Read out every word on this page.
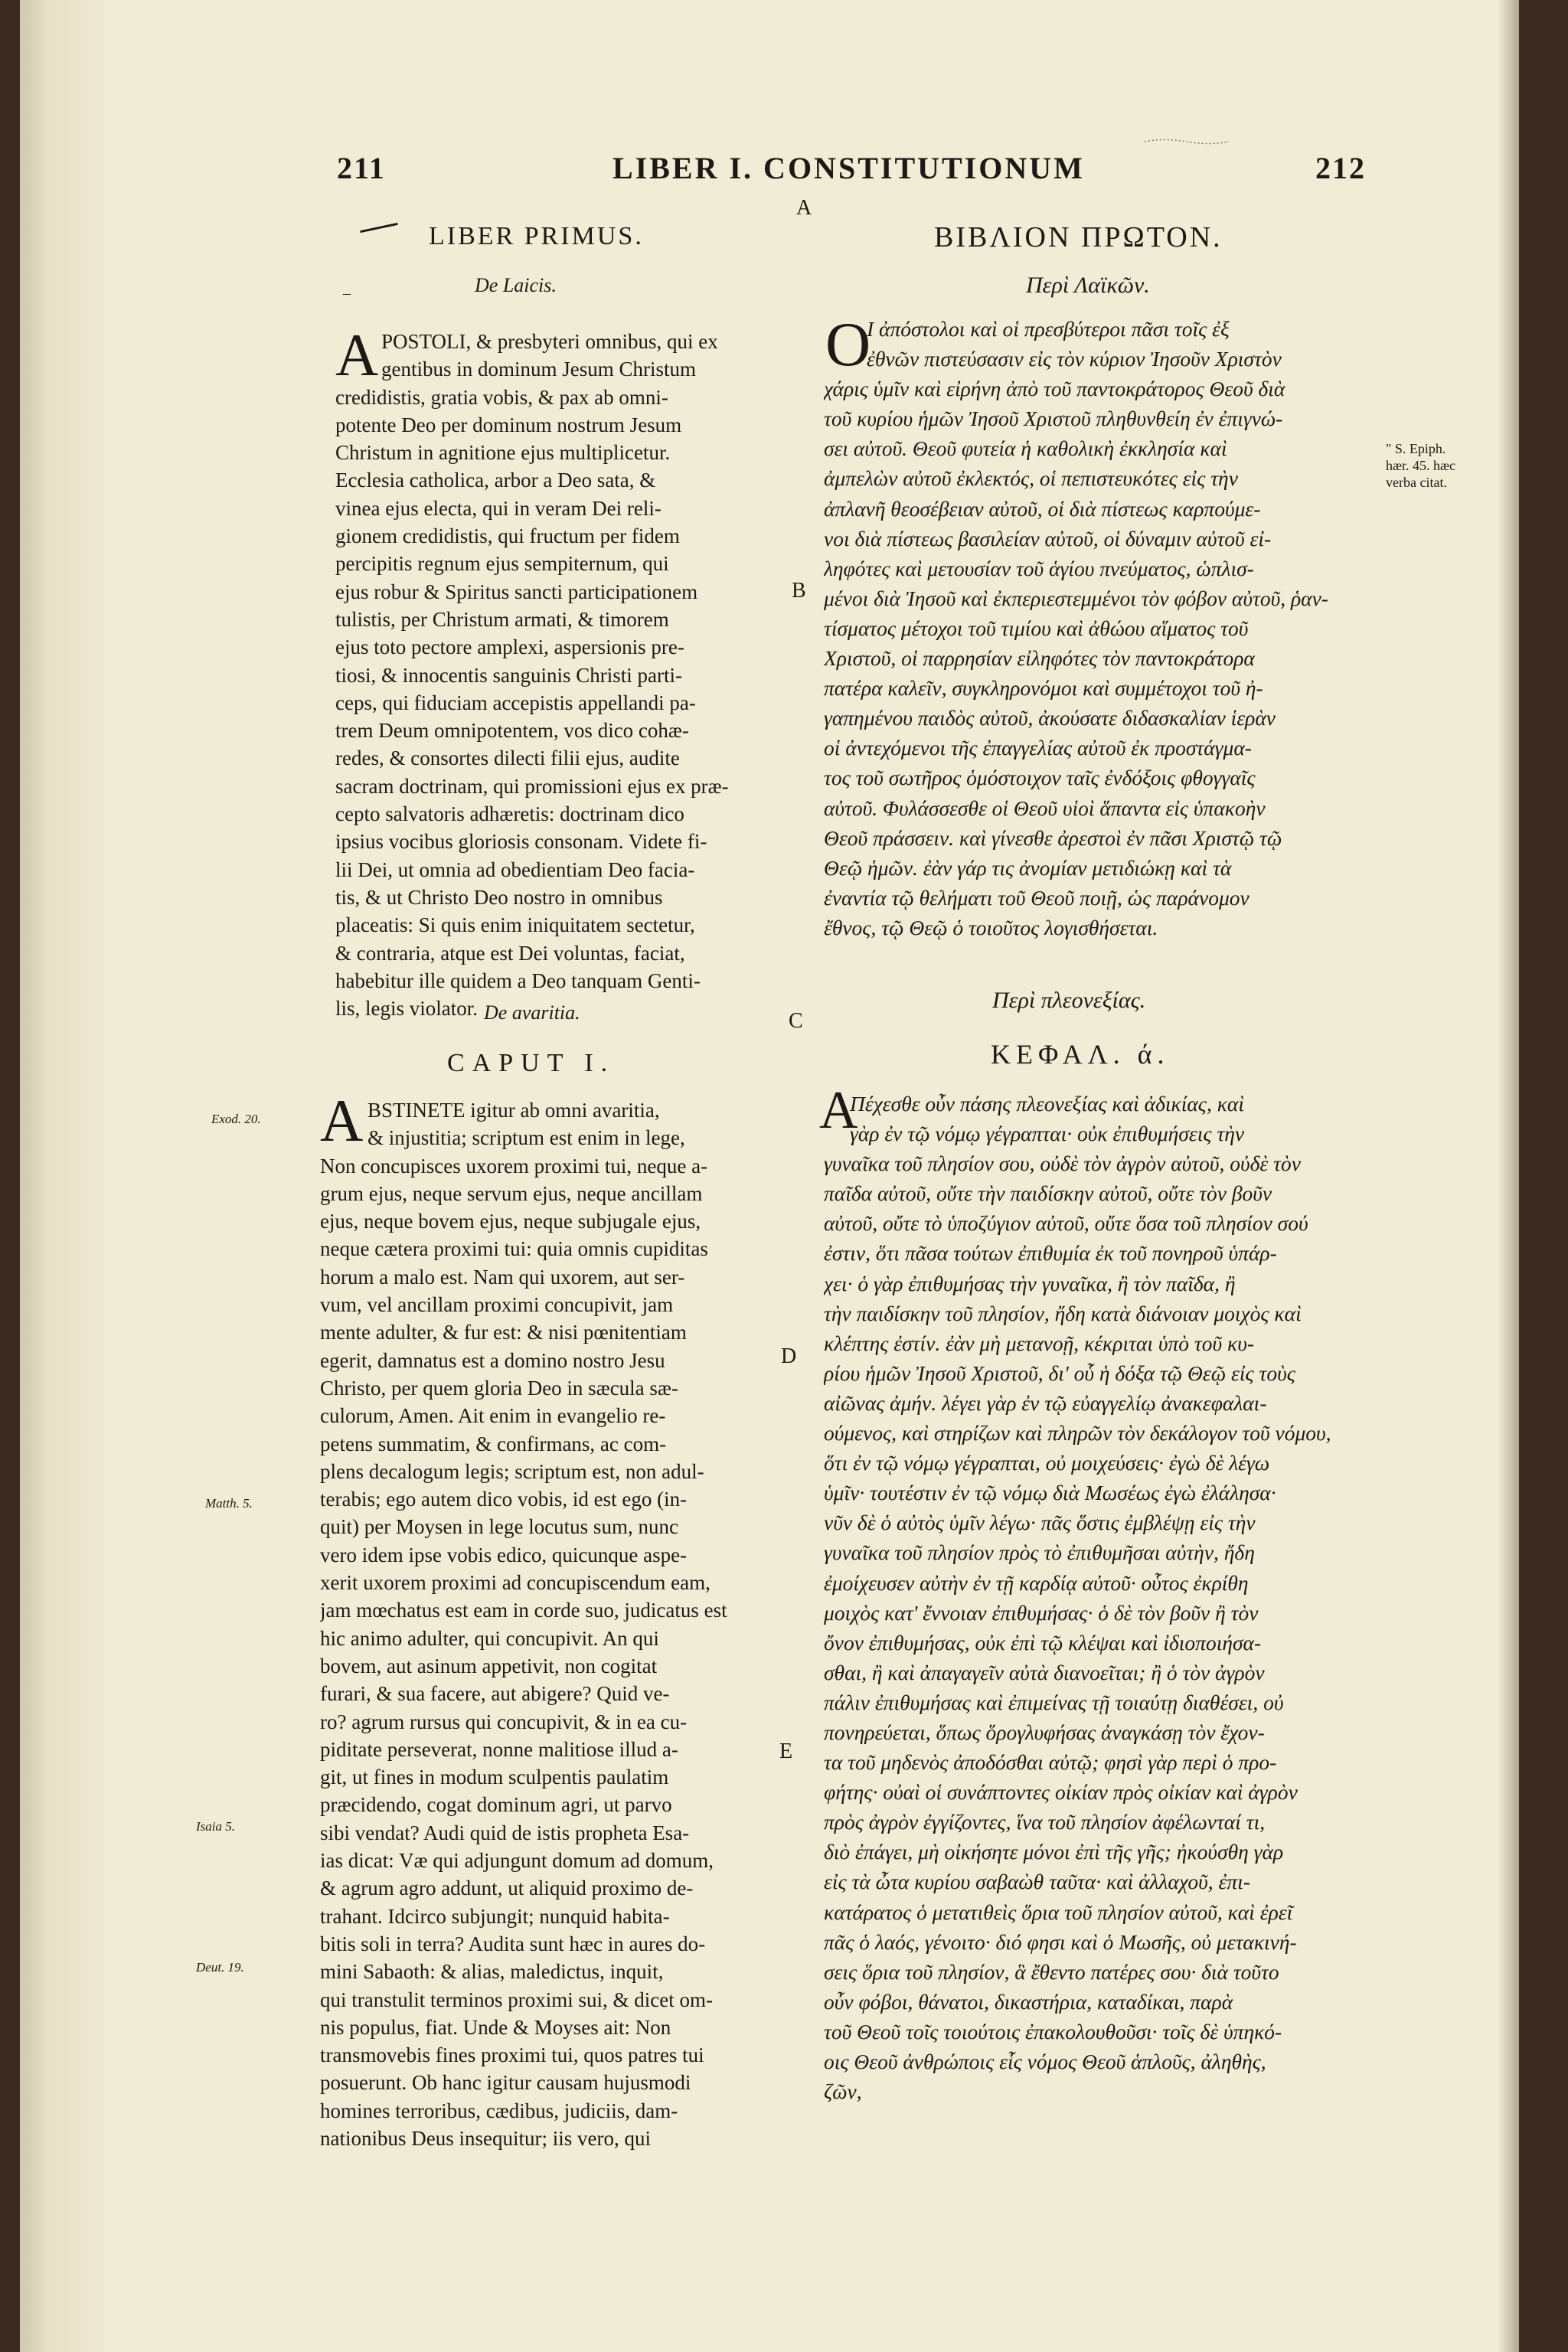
211	LIBER I. CONSTITUTIONUM	212
A
B
C
D
E
LIBER PRIMUS.
–	De Laicis.
A POSTOLI, & presbyteri omnibus, qui ex
gentibus in dominum Jesum Christum
credidistis, gratia vobis, & pax ab omni-
potente Deo per dominum nostrum Jesum
Christum in agnitione ejus multiplicetur.
Ecclesia catholica, arbor a Deo sata, &
vinea ejus electa, qui in veram Dei reli-
gionem credidistis, qui fructum per fidem
percipitis regnum ejus sempiternum, qui
ejus robur & Spiritus sancti participationem
tulistis, per Christum armati, & timorem
ejus toto pectore amplexi, aspersionis pre-
tiosi, & innocentis sanguinis Christi parti-
ceps, qui fiduciam accepistis appellandi pa-
trem Deum omnipotentem, vos dico cohæ-
redes, & consortes dilecti filii ejus, audite
sacram doctrinam, qui promissioni ejus ex præ-
cepto salvatoris adhæretis: doctrinam dico
ipsius vocibus gloriosis consonam. Videte fi-
lii Dei, ut omnia ad obedientiam Deo facia-
tis, & ut Christo Deo nostro in omnibus
placeatis: Si quis enim iniquitatem sectetur,
& contraria, atque est Dei voluntas, faciat,
habebitur ille quidem a Deo tanquam Genti-
lis, legis violator. De avaritia.
CAPUT I.
A BSTINETE igitur ab omni avaritia,
& injustitia; scriptum est enim in lege,
Non concupisces uxorem proximi tui, neque a-
grum ejus, neque servum ejus, neque ancillam
ejus, neque bovem ejus, neque subjugale ejus,
neque cætera proximi tui: quia omnis cupiditas
horum a malo est. Nam qui uxorem, aut ser-
vum, vel ancillam proximi concupivit, jam
mente adulter, & fur est: & nisi pœnitentiam
egerit, damnatus est a domino nostro Jesu
Christo, per quem gloria Deo in sæcula sæ-
culorum, Amen. Ait enim in evangelio re-
petens summatim, & confirmans, ac com-
plens decalogum legis; scriptum est, non adul-
terabis; ego autem dico vobis, id est ego (in-
quit) per Moysen in lege locutus sum, nunc
vero idem ipse vobis edico, quicunque aspe-
xerit uxorem proximi ad concupiscendum eam,
jam mœchatus est eam in corde suo, judicatus est
hic animo adulter, qui concupivit. An qui
bovem, aut asinum appetivit, non cogitat
furari, & sua facere, aut abigere? Quid ve-
ro? agrum rursus qui concupivit, & in ea cu-
piditate perseverat, nonne malitiose illud a-
git, ut fines in modum sculpentis paulatim
præcidendo, cogat dominum agri, ut parvo
sibi vendat? Audi quid de istis propheta Esa-
ias dicat: Væ qui adjungunt domum ad domum,
& agrum agro addunt, ut aliquid proximo de-
trahant. Idcirco subjungit; nunquid habita-
bitis soli in terra? Audita sunt hæc in aures do-
mini Sabaoth: & alias, maledictus, inquit,
qui transtulit terminos proximi sui, & dicet om-
nis populus, fiat. Unde & Moyses ait: Non
transmovebis fines proximi tui, quos patres tui
posuerunt. Ob hanc igitur causam hujusmodi
homines terroribus, cædibus, judiciis, dam-
nationibus Deus insequitur; iis vero, qui
ΒΙΒΛΙΟΝ ΠΡΩΤΟΝ.
Περὶ Λαϊκῶν.
O
Ι ἀπόστολοι καὶ οἱ πρεσβύτεροι πᾶσι τοῖς ἐξ
ἐθνῶν πιστεύσασιν εἰς τὸν κύριον Ἰησοῦν Χριστὸν
χάρις ὑμῖν καὶ εἰρήνη ἀπὸ τοῦ παντοκράτορος Θεοῦ διὰ
τοῦ κυρίου ἡμῶν Ἰησοῦ Χριστοῦ πληθυνθείη ἐν ἐπιγνώ-
σει αὐτοῦ. Θεοῦ φυτεία ἡ καθολικὴ ἐκκλησία καὶ
ἀμπελὼν αὐτοῦ ἐκλεκτός, οἱ πεπιστευκότες εἰς τὴν
ἀπλανῆ θεοσέβειαν αὐτοῦ, οἱ διὰ πίστεως καρπούμε-
νοι διὰ πίστεως βασιλείαν αὐτοῦ, οἱ δύναμιν αὐτοῦ εἰ-
ληφότες καὶ μετουσίαν τοῦ ἁγίου πνεύματος, ὡπλισ-
μένοι διὰ Ἰησοῦ καὶ ἐκπεριεστεμμένοι τὸν φόβον αὐτοῦ, ῥαν-
τίσματος μέτοχοι τοῦ τιμίου καὶ ἀθώου αἵματος τοῦ
Χριστοῦ, οἱ παρρησίαν εἰληφότες τὸν παντοκράτορα
πατέρα καλεῖν, συγκληρονόμοι καὶ συμμέτοχοι τοῦ ἠ-
γαπημένου παιδὸς αὐτοῦ, ἀκούσατε διδασκαλίαν ἱερὰν
οἱ ἀντεχόμενοι τῆς ἐπαγγελίας αὐτοῦ ἐκ προστάγμα-
τος τοῦ σωτῆρος ὁμόστοιχον ταῖς ἐνδόξοις φθογγαῖς
αὐτοῦ. Φυλάσσεσθε οἱ Θεοῦ υἱοὶ ἅπαντα εἰς ὑπακοὴν
Θεοῦ πράσσειν. καὶ γίνεσθε ἀρεστοὶ ἐν πᾶσι Χριστῷ τῷ
Θεῷ ἡμῶν. ἐὰν γάρ τις ἀνομίαν μετιδιώκῃ καὶ τὰ
ἐναντία τῷ θελήματι τοῦ Θεοῦ ποιῇ, ὡς παράνομον
ἔθνος, τῷ Θεῷ ὁ τοιοῦτος λογισθήσεται.
Περὶ πλεονεξίας.
ΚΕΦΑΛ. ά.
A
Πέχεσθε οὖν πάσης πλεονεξίας καὶ ἀδικίας, καὶ
γὰρ ἐν τῷ νόμῳ γέγραπται· οὐκ ἐπιθυμήσεις τὴν
γυναῖκα τοῦ πλησίον σου, οὐδὲ τὸν ἀγρὸν αὐτοῦ, οὐδὲ τὸν
παῖδα αὐτοῦ, οὔτε τὴν παιδίσκην αὐτοῦ, οὔτε τὸν βοῦν
αὐτοῦ, οὔτε τὸ ὑποζύγιον αὐτοῦ, οὔτε ὅσα τοῦ πλησίον σού
ἐστιν, ὅτι πᾶσα τούτων ἐπιθυμία ἐκ τοῦ πονηροῦ ὑπάρ-
χει· ὁ γὰρ ἐπιθυμήσας τὴν γυναῖκα, ἢ τὸν παῖδα, ἢ
τὴν παιδίσκην τοῦ πλησίον, ἤδη κατὰ διάνοιαν μοιχὸς καὶ
κλέπτης ἐστίν. ἐὰν μὴ μετανοῇ, κέκριται ὑπὸ τοῦ κυ-
ρίου ἡμῶν Ἰησοῦ Χριστοῦ, δι' οὗ ἡ δόξα τῷ Θεῷ εἰς τοὺς
αἰῶνας ἀμήν. λέγει γὰρ ἐν τῷ εὐαγγελίῳ ἀνακεφαλαι-
ούμενος, καὶ στηρίζων καὶ πληρῶν τὸν δεκάλογον τοῦ νόμου,
ὅτι ἐν τῷ νόμῳ γέγραπται, οὐ μοιχεύσεις· ἐγὼ δὲ λέγω
ὑμῖν· τουτέστιν ἐν τῷ νόμῳ διὰ Μωσέως ἐγὼ ἐλάλησα·
νῦν δὲ ὁ αὐτὸς ὑμῖν λέγω· πᾶς ὅστις ἐμβλέψῃ εἰς τὴν
γυναῖκα τοῦ πλησίον πρὸς τὸ ἐπιθυμῆσαι αὐτὴν, ἤδη
ἐμοίχευσεν αὐτὴν ἐν τῇ καρδίᾳ αὐτοῦ· οὗτος ἐκρίθη
μοιχὸς κατ' ἔννοιαν ἐπιθυμήσας· ὁ δὲ τὸν βοῦν ἢ τὸν
ὄνον ἐπιθυμήσας, οὐκ ἐπὶ τῷ κλέψαι καὶ ἰδιοποιήσα-
σθαι, ἢ καὶ ἀπαγαγεῖν αὐτὰ διανοεῖται; ἢ ὁ τὸν ἀγρὸν
πάλιν ἐπιθυμήσας καὶ ἐπιμείνας τῇ τοιαύτῃ διαθέσει, οὐ
πονηρεύεται, ὅπως ὅρογλυφήσας ἀναγκάσῃ τὸν ἔχον-
τα τοῦ μηδενὸς ἀποδόσθαι αὐτῷ; φησὶ γὰρ περὶ ὁ προ-
φήτης· οὐαὶ οἱ συνάπτοντες οἰκίαν πρὸς οἰκίαν καὶ ἀγρὸν
πρὸς ἀγρὸν ἐγγίζοντες, ἵνα τοῦ πλησίον ἀφέλωνταί τι,
διὸ ἐπάγει, μὴ οἰκήσητε μόνοι ἐπὶ τῆς γῆς; ἠκούσθη γὰρ
εἰς τὰ ὦτα κυρίου σαβαὼθ ταῦτα· καὶ ἀλλαχοῦ, ἐπι-
κατάρατος ὁ μετατιθεὶς ὅρια τοῦ πλησίον αὐτοῦ, καὶ ἐρεῖ
πᾶς ὁ λαός, γένοιτο· διό φησι καὶ ὁ Μωσῆς, οὐ μετακινή-
σεις ὅρια τοῦ πλησίον, ἃ ἔθεντο πατέρες σου· διὰ τοῦτο
οὖν φόβοι, θάνατοι, δικαστήρια, καταδίκαι, παρὰ
τοῦ Θεοῦ τοῖς τοιούτοις ἐπακολουθοῦσι· τοῖς δὲ ὑπηκό-
οις Θεοῦ ἀνθρώποις εἷς νόμος Θεοῦ ἁπλοῦς, ἀληθὴς,
ζῶν,
Exod. 20.
Matth. 5.
Isaia 5.
Deut. 19.
" S. Epiph.
hær. 45. hæc
verba citat.
